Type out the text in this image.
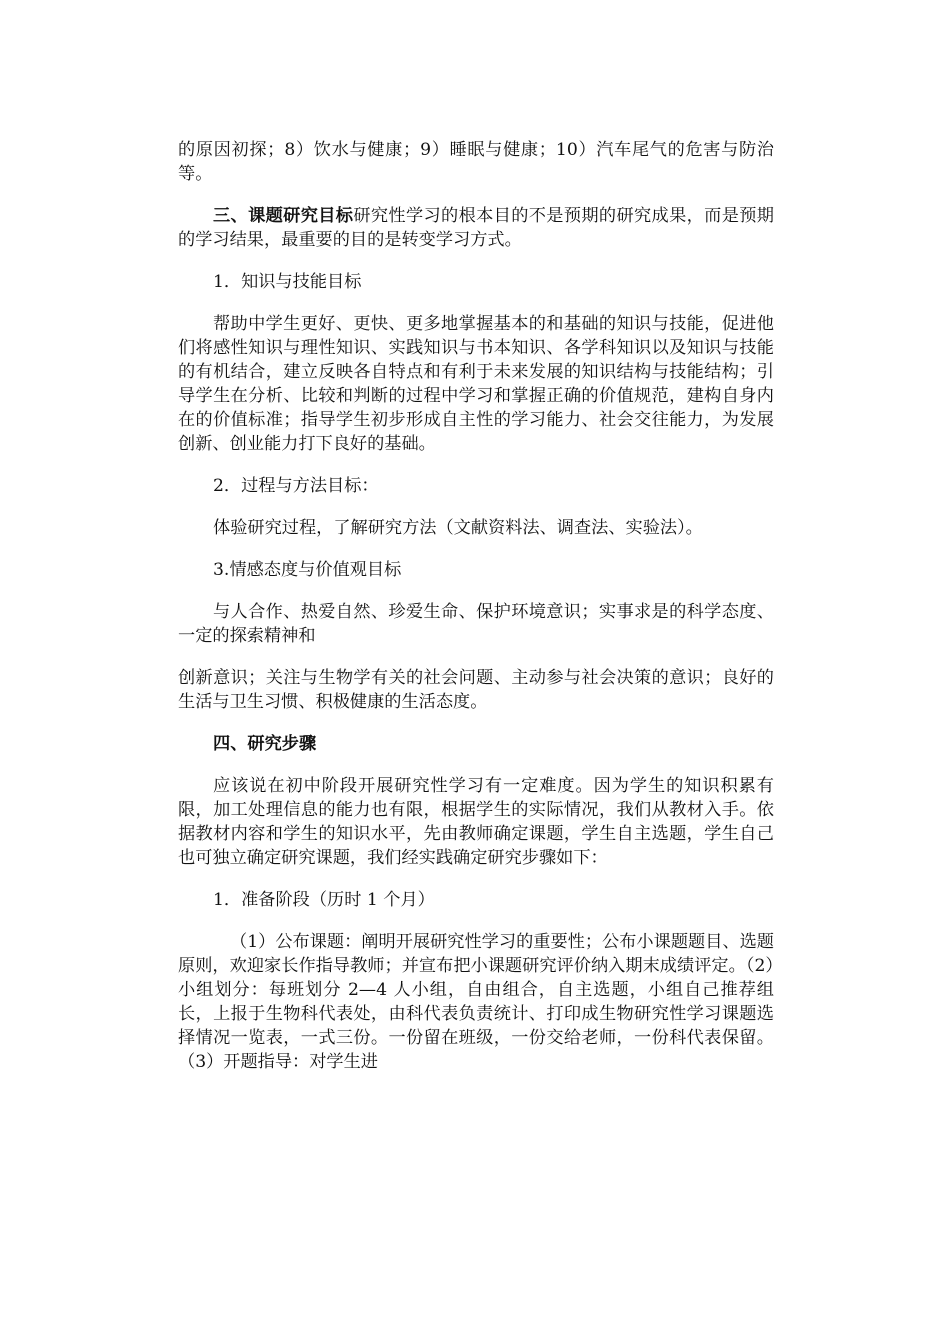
的原因初探；8）饮水与健康；9）睡眠与健康；10）汽车尾气的危害与防治等。

三、课题研究目标研究性学习的根本目的不是预期的研究成果，而是预期的学习结果，最重要的目的是转变学习方式。

1．知识与技能目标

帮助中学生更好、更快、更多地掌握基本的和基础的知识与技能，促进他们将感性知识与理性知识、实践知识与书本知识、各学科知识以及知识与技能的有机结合，建立反映各自特点和有利于未来发展的知识结构与技能结构；引导学生在分析、比较和判断的过程中学习和掌握正确的价值规范，建构自身内在的价值标准；指导学生初步形成自主性的学习能力、社会交往能力，为发展创新、创业能力打下良好的基础。

2．过程与方法目标：

体验研究过程，了解研究方法（文献资料法、调查法、实验法）。

3.情感态度与价值观目标

与人合作、热爱自然、珍爱生命、保护环境意识；实事求是的科学态度、一定的探索精神和

创新意识；关注与生物学有关的社会问题、主动参与社会决策的意识；良好的生活与卫生习惯、积极健康的生活态度。

四、研究步骤

应该说在初中阶段开展研究性学习有一定难度。因为学生的知识积累有限，加工处理信息的能力也有限，根据学生的实际情况，我们从教材入手。依据教材内容和学生的知识水平，先由教师确定课题，学生自主选题，学生自己也可独立确定研究课题，我们经实践确定研究步骤如下：

1．准备阶段（历时 1 个月）

（1）公布课题：阐明开展研究性学习的重要性；公布小课题题目、选题原则，欢迎家长作指导教师；并宣布把小课题研究评价纳入期末成绩评定。（2）小组划分：每班划分 2—4 人小组，自由组合，自主选题，小组自己推荐组长，上报于生物科代表处，由科代表负责统计、打印成生物研究性学习课题选择情况一览表，一式三份。一份留在班级，一份交给老师，一份科代表保留。（3）开题指导：对学生进
